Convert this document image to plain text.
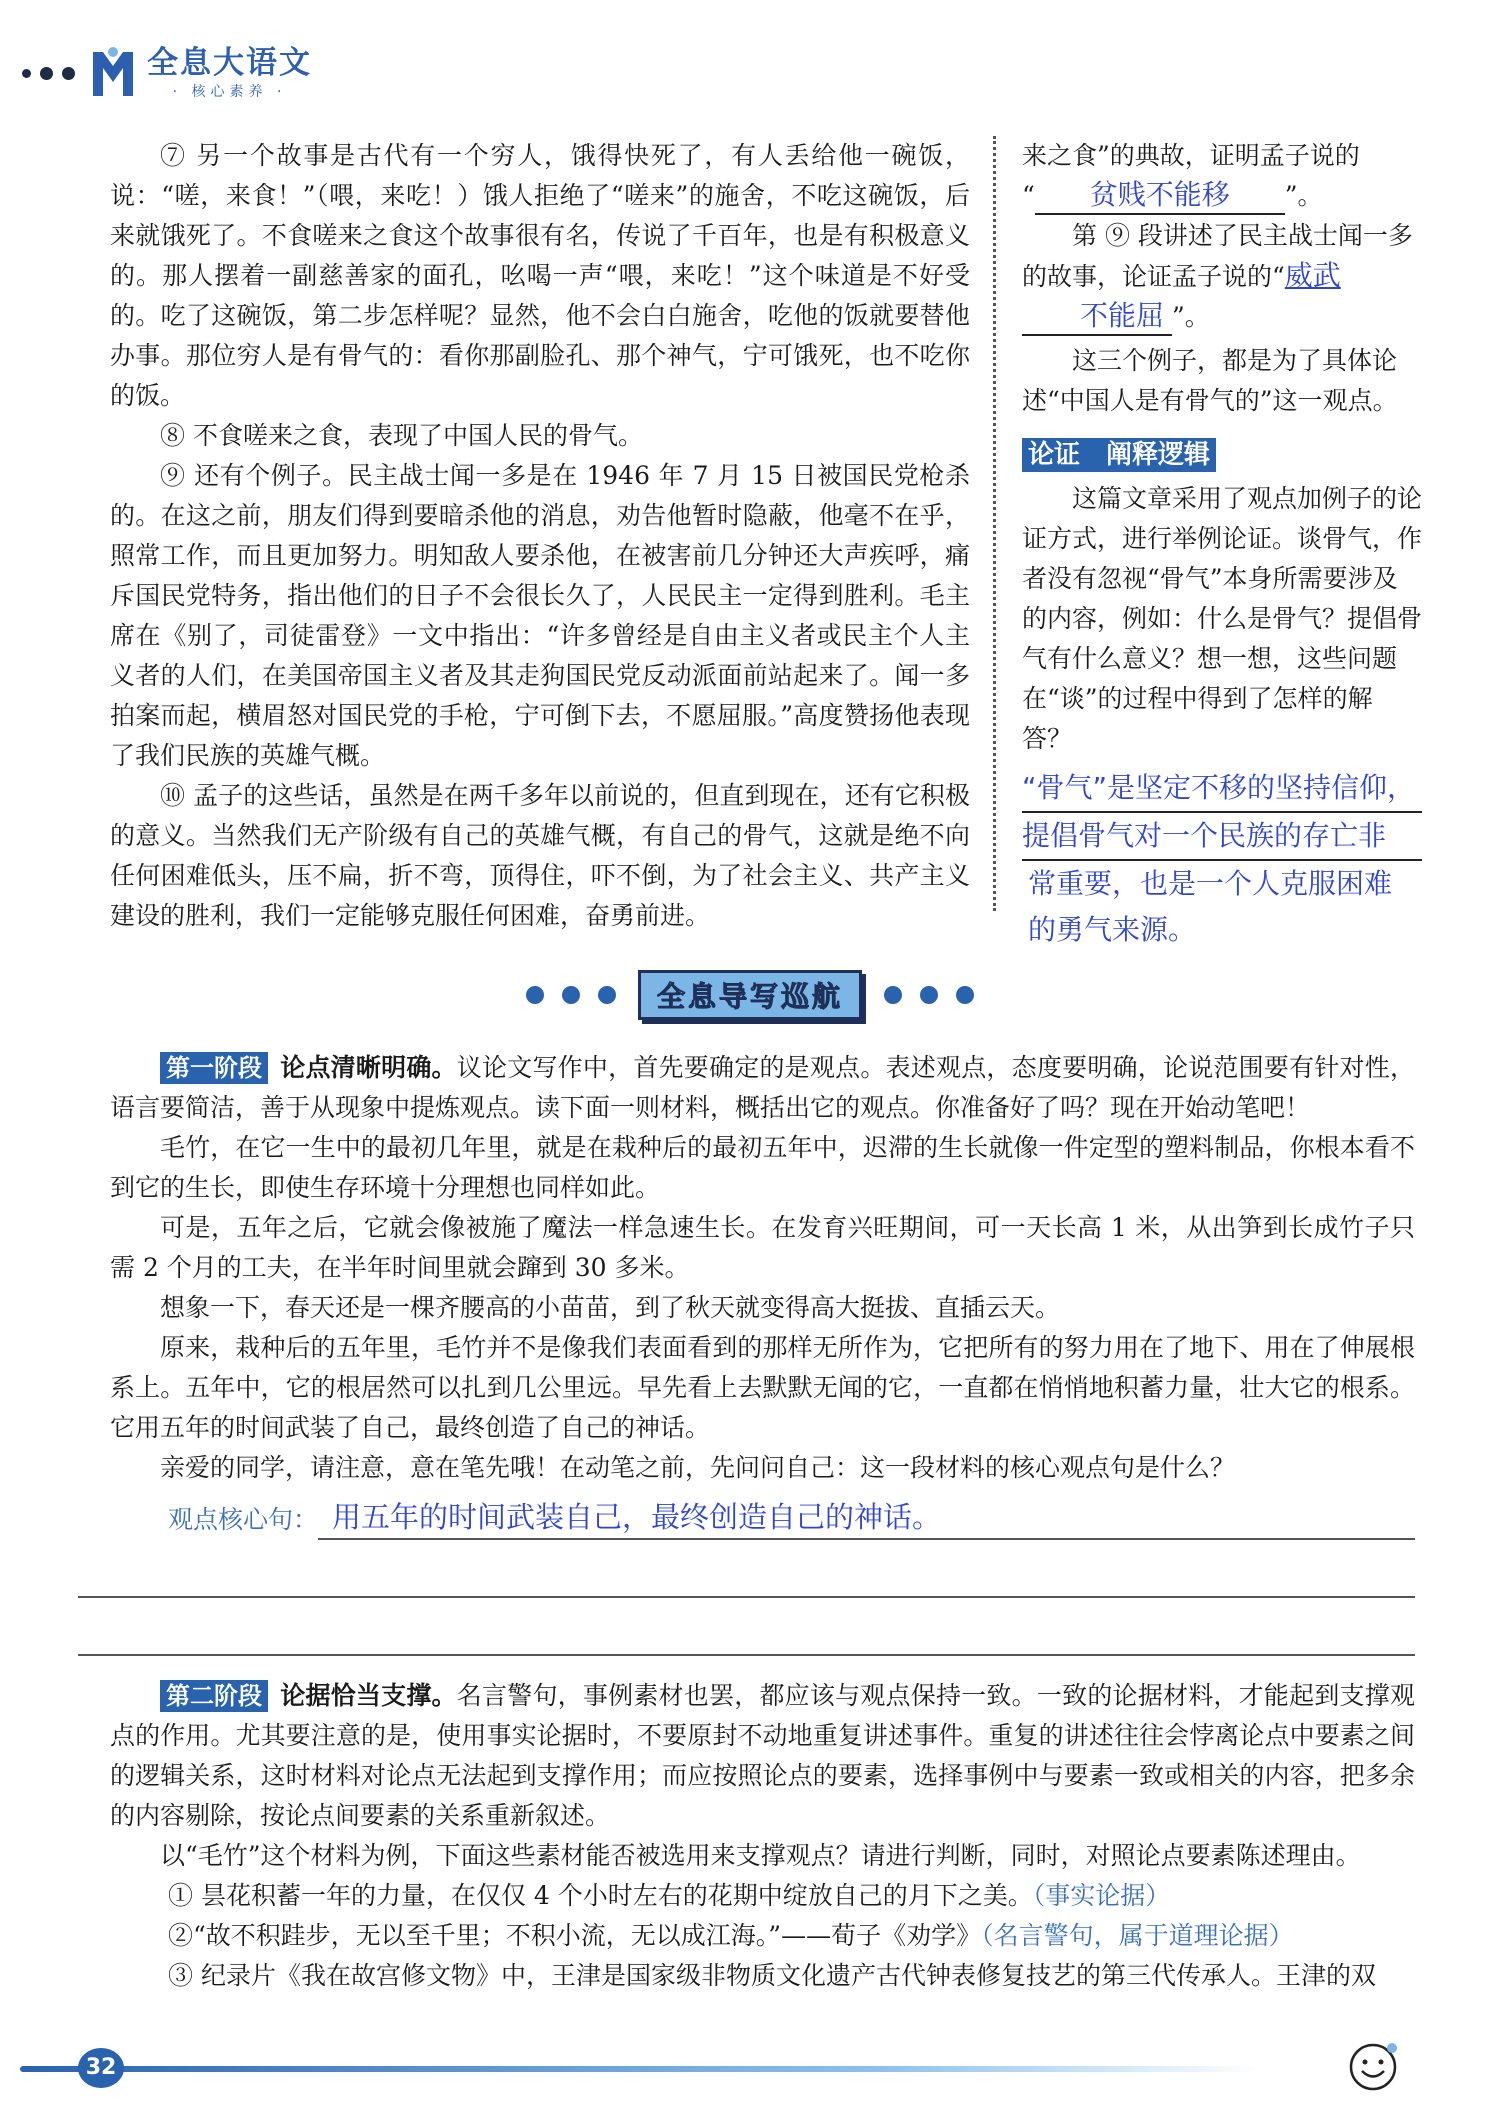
全息大语文
· 核心素养 ·

⑦ 另一个故事是古代有一个穷人，饿得快死了，有人丢给他一碗饭，说：“嗟，来食！”（喂，来吃！）饿人拒绝了“嗟来”的施舍，不吃这碗饭，后来就饿死了。不食嗟来之食这个故事很有名，传说了千百年，也是有积极意义的。那人摆着一副慈善家的面孔，吆喝一声“喂，来吃！”这个味道是不好受的。吃了这碗饭，第二步怎样呢？显然，他不会白白施舍，吃他的饭就要替他办事。那位穷人是有骨气的：看你那副脸孔、那个神气，宁可饿死，也不吃你的饭。

⑧ 不食嗟来之食，表现了中国人民的骨气。

⑨ 还有个例子。民主战士闻一多是在 1946 年 7 月 15 日被国民党枪杀的。在这之前，朋友们得到要暗杀他的消息，劝告他暂时隐蔽，他毫不在乎，照常工作，而且更加努力。明知敌人要杀他，在被害前几分钟还大声疾呼，痛斥国民党特务，指出他们的日子不会很长久了，人民民主一定得到胜利。毛主席在《别了，司徒雷登》一文中指出：“许多曾经是自由主义者或民主个人主义者的人们，在美国帝国主义者及其走狗国民党反动派面前站起来了。闻一多拍案而起，横眉怒对国民党的手枪，宁可倒下去，不愿屈服。”高度赞扬他表现了我们民族的英雄气概。

⑩ 孟子的这些话，虽然是在两千多年以前说的，但直到现在，还有它积极的意义。当然我们无产阶级有自己的英雄气概，有自己的骨气，这就是绝不向任何困难低头，压不扁，折不弯，顶得住，吓不倒，为了社会主义、共产主义建设的胜利，我们一定能够克服任何困难，奋勇前进。

来之食”的典故，证明孟子说的
“ 贫贱不能移 ”。

第 ⑨ 段讲述了民主战士闻一多的故事，论证孟子说的“威武
不能屈 ”。

这三个例子，都是为了具体论述“中国人是有骨气的”这一观点。

论证　阐释逻辑

这篇文章采用了观点加例子的论证方式，进行举例论证。谈骨气，作者没有忽视“骨气”本身所需要涉及的内容，例如：什么是骨气？提倡骨气有什么意义？想一想，这些问题在“谈”的过程中得到了怎样的解答？

“骨气”是坚定不移的坚持信仰，
提倡骨气对一个民族的存亡非
常重要，也是一个人克服困难
的勇气来源。
全息导写巡航

第一阶段 论点清晰明确。议论文写作中，首先要确定的是观点。表述观点，态度要明确，论说范围要有针对性，语言要简洁，善于从现象中提炼观点。读下面一则材料，概括出它的观点。你准备好了吗？现在开始动笔吧！

毛竹，在它一生中的最初几年里，就是在栽种后的最初五年中，迟滞的生长就像一件定型的塑料制品，你根本看不到它的生长，即使生存环境十分理想也同样如此。

可是，五年之后，它就会像被施了魔法一样急速生长。在发育兴旺期间，可一天长高 1 米，从出笋到长成竹子只需 2 个月的工夫，在半年时间里就会蹿到 30 多米。

想象一下，春天还是一棵齐腰高的小苗苗，到了秋天就变得高大挺拔、直插云天。

原来，栽种后的五年里，毛竹并不是像我们表面看到的那样无所作为，它把所有的努力用在了地下、用在了伸展根系上。五年中，它的根居然可以扎到几公里远。早先看上去默默无闻的它，一直都在悄悄地积蓄力量，壮大它的根系。它用五年的时间武装了自己，最终创造了自己的神话。

亲爱的同学，请注意，意在笔先哦！在动笔之前，先问问自己：这一段材料的核心观点句是什么？

观点核心句： 用五年的时间武装自己，最终创造自己的神话。

第二阶段 论据恰当支撑。名言警句，事例素材也罢，都应该与观点保持一致。一致的论据材料，才能起到支撑观点的作用。尤其要注意的是，使用事实论据时，不要原封不动地重复讲述事件。重复的讲述往往会悖离论点中要素之间的逻辑关系，这时材料对论点无法起到支撑作用；而应按照论点的要素，选择事例中与要素一致或相关的内容，把多余的内容剔除，按论点间要素的关系重新叙述。

以“毛竹”这个材料为例，下面这些素材能否被选用来支撑观点？请进行判断，同时，对照论点要素陈述理由。

① 昙花积蓄一年的力量，在仅仅 4 个小时左右的花期中绽放自己的月下之美。（事实论据）

②“故不积跬步，无以至千里；不积小流，无以成江海。”——荀子《劝学》（名言警句，属于道理论据）

③ 纪录片《我在故宫修文物》中，王津是国家级非物质文化遗产古代钟表修复技艺的第三代传承人。王津的双

32
